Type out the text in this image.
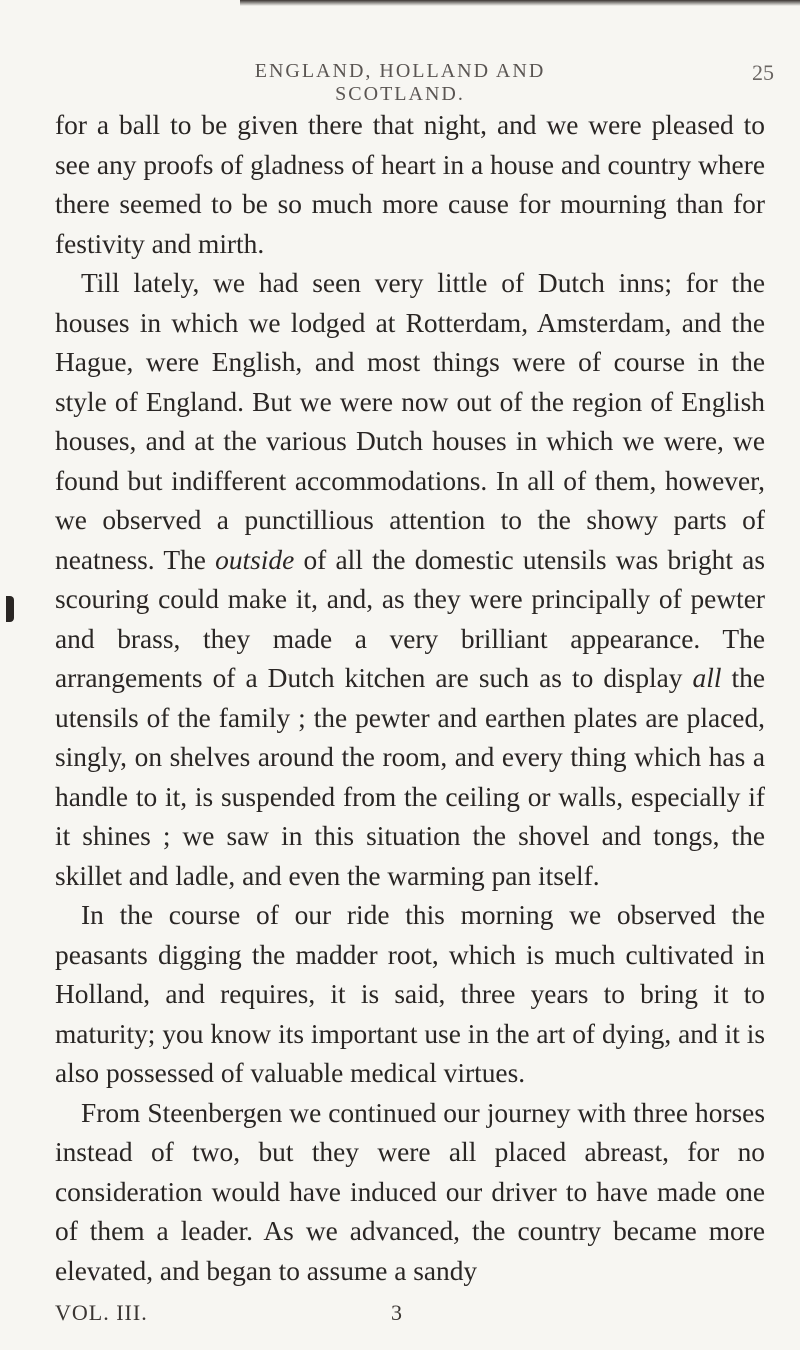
ENGLAND, HOLLAND AND SCOTLAND.
25

for a ball to be given there that night, and we were pleased to see any proofs of gladness of heart in a house and country where there seemed to be so much more cause for mourning than for festivity and mirth.

Till lately, we had seen very little of Dutch inns; for the houses in which we lodged at Rotterdam, Amsterdam, and the Hague, were English, and most things were of course in the style of England. But we were now out of the region of English houses, and at the various Dutch houses in which we were, we found but indifferent accommodations. In all of them, however, we observed a punctillious attention to the showy parts of neatness. The outside of all the domestic utensils was bright as scouring could make it, and, as they were principally of pewter and brass, they made a very brilliant appearance. The arrangements of a Dutch kitchen are such as to display all the utensils of the family ; the pewter and earthen plates are placed, singly, on shelves around the room, and every thing which has a handle to it, is suspended from the ceiling or walls, especially if it shines ; we saw in this situation the shovel and tongs, the skillet and ladle, and even the warming pan itself.

In the course of our ride this morning we observed the peasants digging the madder root, which is much cultivated in Holland, and requires, it is said, three years to bring it to maturity; you know its important use in the art of dying, and it is also possessed of valuable medical virtues.

From Steenbergen we continued our journey with three horses instead of two, but they were all placed abreast, for no consideration would have induced our driver to have made one of them a leader. As we advanced, the country became more elevated, and began to assume a sandy

VOL. III.	3
